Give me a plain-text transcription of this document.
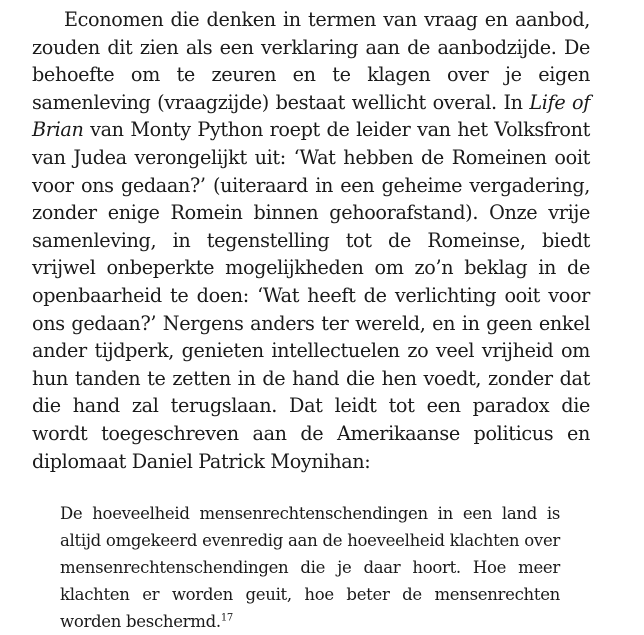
Economen die denken in termen van vraag en aanbod, zouden dit zien als een verklaring aan de aanbodzijde. De behoefte om te zeuren en te klagen over je eigen samenleving (vraagzijde) bestaat wellicht overal. In Life of Brian van Monty Python roept de leider van het Volksfront van Judea verongelijkt uit: ‘Wat hebben de Romeinen ooit voor ons gedaan?’ (uiteraard in een geheime vergadering, zonder enige Romein binnen gehoorafstand). Onze vrije samenleving, in tegenstelling tot de Romeinse, biedt vrijwel onbeperkte mogelijkheden om zo’n beklag in de openbaarheid te doen: ‘Wat heeft de verlichting ooit voor ons gedaan?’ Nergens anders ter wereld, en in geen enkel ander tijdperk, genieten intellectuelen zo veel vrijheid om hun tanden te zetten in de hand die hen voedt, zonder dat die hand zal terugslaan. Dat leidt tot een paradox die wordt toegeschreven aan de Amerikaanse politicus en diplomaat Daniel Patrick Moynihan:

De hoeveelheid mensenrechtenschendingen in een land is altijd omgekeerd evenredig aan de hoeveelheid klachten over mensenrechtenschendingen die je daar hoort. Hoe meer klachten er worden geuit, hoe beter de mensenrechten worden beschermd.$^{17}$
